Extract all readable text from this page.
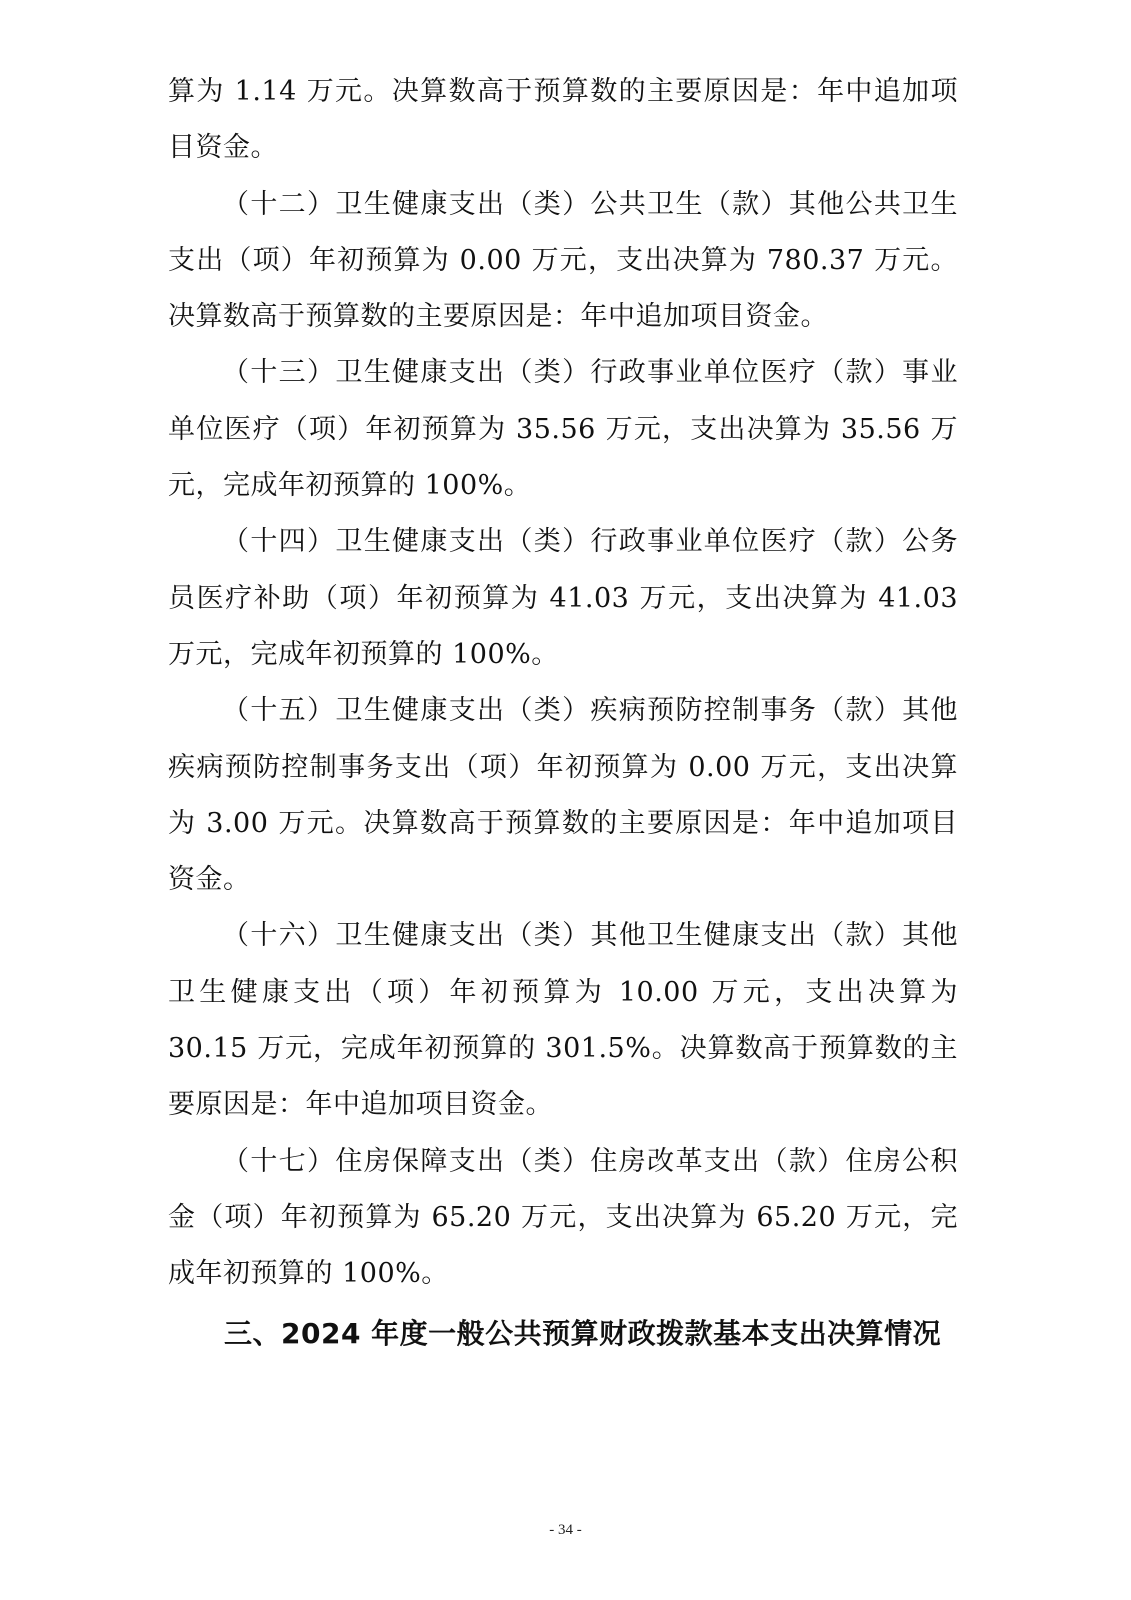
算为 1.14 万元。决算数高于预算数的主要原因是：年中追加项目资金。

（十二）卫生健康支出（类）公共卫生（款）其他公共卫生支出（项）年初预算为 0.00 万元，支出决算为 780.37 万元。决算数高于预算数的主要原因是：年中追加项目资金。

（十三）卫生健康支出（类）行政事业单位医疗（款）事业单位医疗（项）年初预算为 35.56 万元，支出决算为 35.56 万元，完成年初预算的 100%。

（十四）卫生健康支出（类）行政事业单位医疗（款）公务员医疗补助（项）年初预算为 41.03 万元，支出决算为 41.03 万元，完成年初预算的 100%。

（十五）卫生健康支出（类）疾病预防控制事务（款）其他疾病预防控制事务支出（项）年初预算为 0.00 万元，支出决算为 3.00 万元。决算数高于预算数的主要原因是：年中追加项目资金。

（十六）卫生健康支出（类）其他卫生健康支出（款）其他卫生健康支出（项）年初预算为 10.00 万元，支出决算为 30.15 万元，完成年初预算的 301.5%。决算数高于预算数的主要原因是：年中追加项目资金。

（十七）住房保障支出（类）住房改革支出（款）住房公积金（项）年初预算为 65.20 万元，支出决算为 65.20 万元，完成年初预算的 100%。

三、2024 年度一般公共预算财政拨款基本支出决算情况

- 34 -
